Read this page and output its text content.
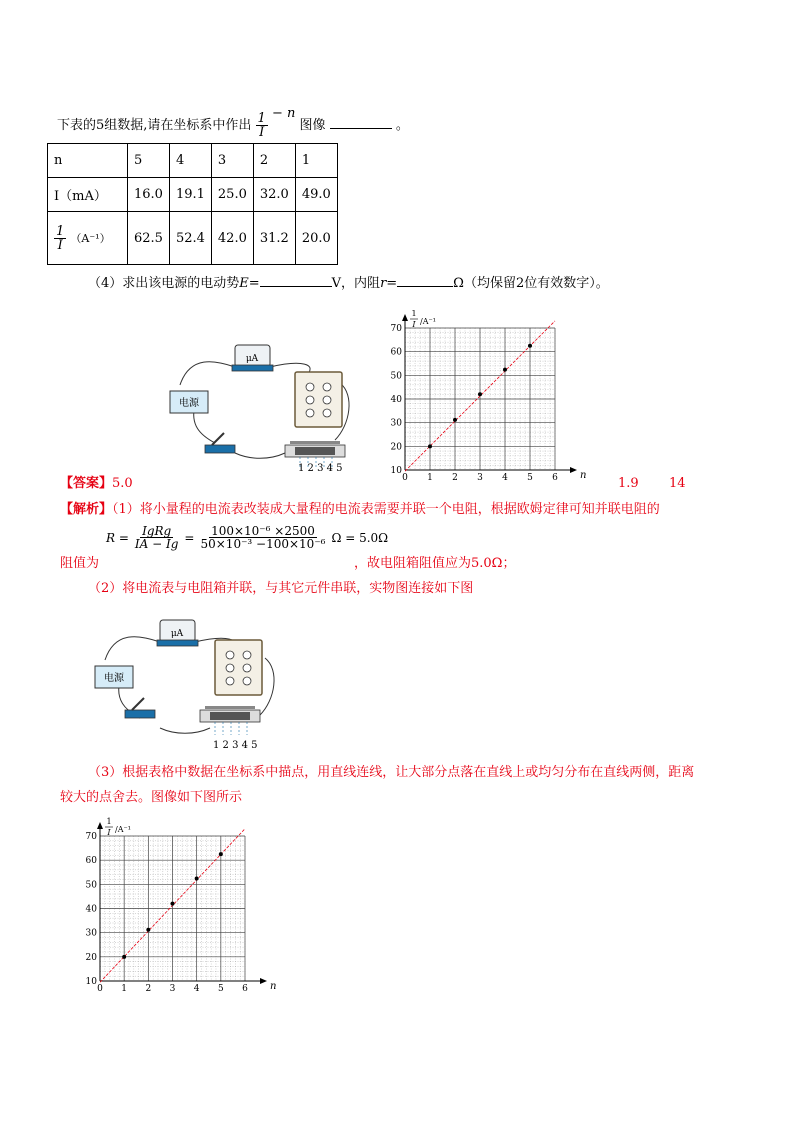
下表的5组数据,请在坐标系中作出 $\frac{1}{I} - n$ 图像	。
n	5	4	3	2	1
I（mA）	16.0	19.1	25.0	32.0	49.0

$\frac{1}{I} (A^{-1})$	62.5	52.4	42.0	31.2	20.0
（4）求出该电源的电动势E=	V，内阻r=	Ω（均保留2位有效数字）。
μA
电源
1 2 3 4 5
1 2 3 4 5 6
0
20
30
40
50
60
70
10	n
1
I /A⁻¹
【答案】5.0	1.9 14
【解析】（1）将小量程的电流表改装成大量程的电流表需要并联一个电阻，根据欧姆定律可知并联电阻的
$R = \frac{\text{IgRg}}{IA - Ig} = \frac{\text{100×10⁻⁶ ×2500}}{\text{50×10⁻³ −100×10⁻⁶}}$ Ω = 5.0Ω
阻值为	，故电阻箱阻值应为5.0Ω；
（2）将电流表与电阻箱并联，与其它元件串联，实物图连接如下图
μA
电源
1 2 3 4 5
（3）根据表格中数据在坐标系中描点，用直线连线，让大部分点落在直线上或均匀分布在直线两侧，距离
较大的点舍去。图像如下图所示
1 2 3 4 5 6
0
20
30
40
50
60
70
10	n
1
I /A⁻¹
